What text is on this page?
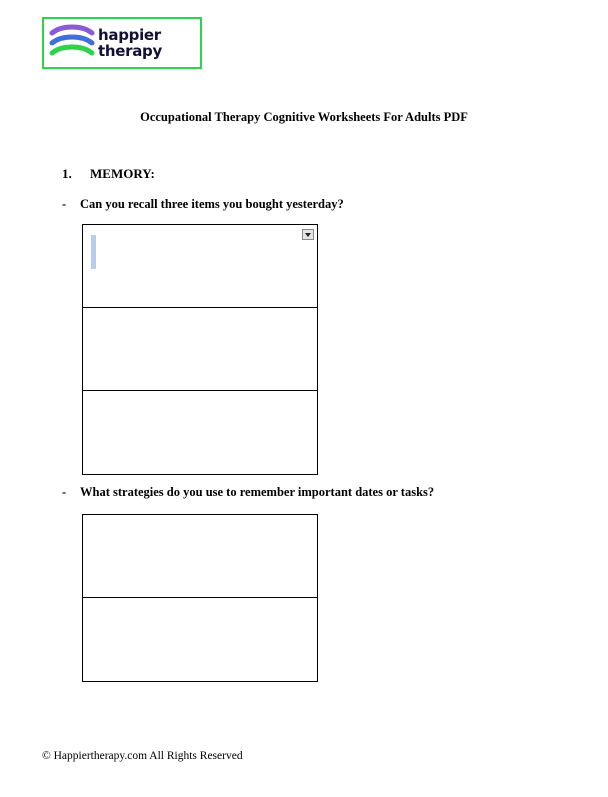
happier
therapy
Occupational Therapy Cognitive Worksheets For Adults PDF
1. MEMORY:
- Can you recall three items you bought yesterday?
- What strategies do you use to remember important dates or tasks?
© Happiertherapy.com All Rights Reserved
